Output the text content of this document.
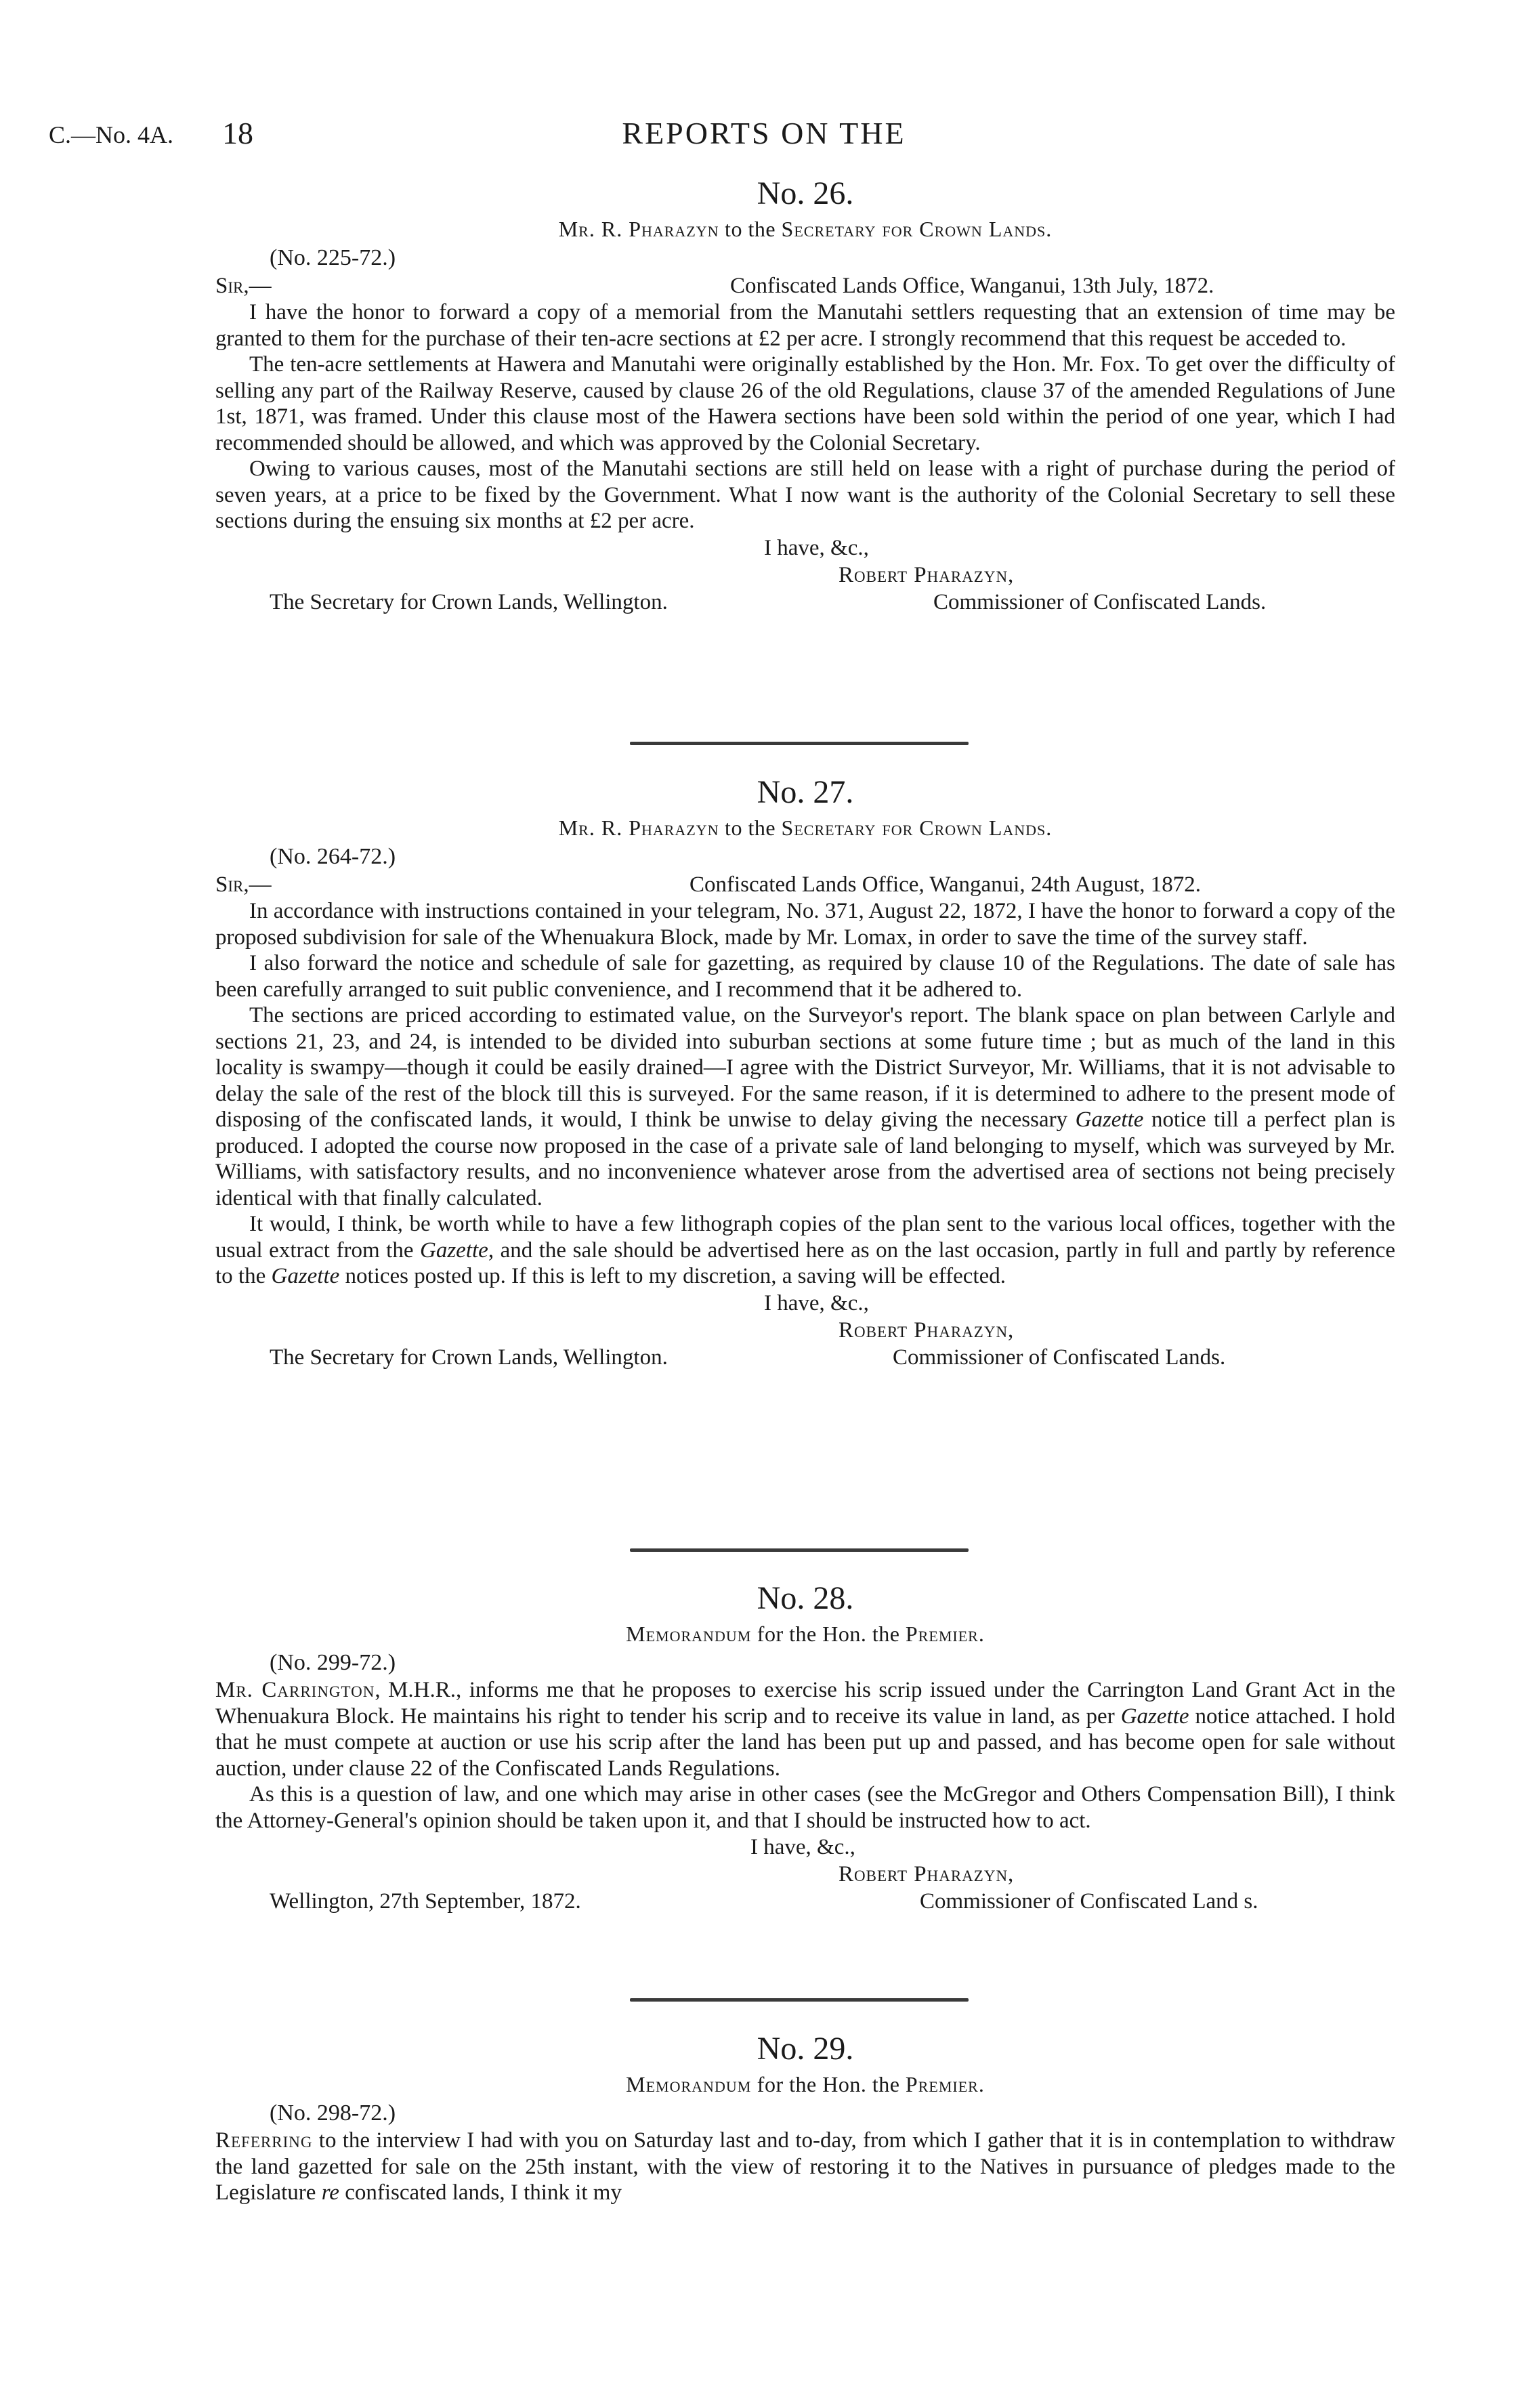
C.—No. 4A. 18	REPORTS ON THE

No. 26.

Mr. R. Pharazyn to the Secretary for Crown Lands.

(No. 225-72.)

Sir,—	Confiscated Lands Office, Wanganui, 13th July, 1872.

I have the honor to forward a copy of a memorial from the Manutahi settlers requesting that an extension of time may be granted to them for the purchase of their ten-acre sections at £2 per acre. I strongly recommend that this request be acceded to.

The ten-acre settlements at Hawera and Manutahi were originally established by the Hon. Mr. Fox. To get over the difficulty of selling any part of the Railway Reserve, caused by clause 26 of the old Regulations, clause 37 of the amended Regulations of June 1st, 1871, was framed. Under this clause most of the Hawera sections have been sold within the period of one year, which I had recommended should be allowed, and which was approved by the Colonial Secretary.

Owing to various causes, most of the Manutahi sections are still held on lease with a right of purchase during the period of seven years, at a price to be fixed by the Government. What I now want is the authority of the Colonial Secretary to sell these sections during the ensuing six months at £2 per acre.

I have, &c.,
Robert Pharazyn,
The Secretary for Crown Lands, Wellington.	Commissioner of Confiscated Lands.

No. 27.

Mr. R. Pharazyn to the Secretary for Crown Lands.

(No. 264-72.)

Sir,—	Confiscated Lands Office, Wanganui, 24th August, 1872.

In accordance with instructions contained in your telegram, No. 371, August 22, 1872, I have the honor to forward a copy of the proposed subdivision for sale of the Whenuakura Block, made by Mr. Lomax, in order to save the time of the survey staff.

I also forward the notice and schedule of sale for gazetting, as required by clause 10 of the Regulations. The date of sale has been carefully arranged to suit public convenience, and I recommend that it be adhered to.

The sections are priced according to estimated value, on the Surveyor's report. The blank space on plan between Carlyle and sections 21, 23, and 24, is intended to be divided into suburban sections at some future time ; but as much of the land in this locality is swampy—though it could be easily drained—I agree with the District Surveyor, Mr. Williams, that it is not advisable to delay the sale of the rest of the block till this is surveyed. For the same reason, if it is determined to adhere to the present mode of disposing of the confiscated lands, it would, I think be unwise to delay giving the necessary Gazette notice till a perfect plan is produced. I adopted the course now proposed in the case of a private sale of land belonging to myself, which was surveyed by Mr. Williams, with satisfactory results, and no inconvenience whatever arose from the advertised area of sections not being precisely identical with that finally calculated.

It would, I think, be worth while to have a few lithograph copies of the plan sent to the various local offices, together with the usual extract from the Gazette, and the sale should be advertised here as on the last occasion, partly in full and partly by reference to the Gazette notices posted up. If this is left to my discretion, a saving will be effected.

I have, &c.,
Robert Pharazyn,
The Secretary for Crown Lands, Wellington.	Commissioner of Confiscated Lands.

No. 28.

Memorandum for the Hon. the Premier.

(No. 299-72.)

Mr. Carrington, M.H.R., informs me that he proposes to exercise his scrip issued under the Carrington Land Grant Act in the Whenuakura Block. He maintains his right to tender his scrip and to receive its value in land, as per Gazette notice attached. I hold that he must compete at auction or use his scrip after the land has been put up and passed, and has become open for sale without auction, under clause 22 of the Confiscated Lands Regulations.

As this is a question of law, and one which may arise in other cases (see the McGregor and Others Compensation Bill), I think the Attorney-General's opinion should be taken upon it, and that I should be instructed how to act.

I have, &c.,
Robert Pharazyn,
Wellington, 27th September, 1872.	Commissioner of Confiscated Land s.

No. 29.

Memorandum for the Hon. the Premier.

(No. 298-72.)

Referring to the interview I had with you on Saturday last and to-day, from which I gather that it is in contemplation to withdraw the land gazetted for sale on the 25th instant, with the view of restoring it to the Natives in pursuance of pledges made to the Legislature re confiscated lands, I think it my
